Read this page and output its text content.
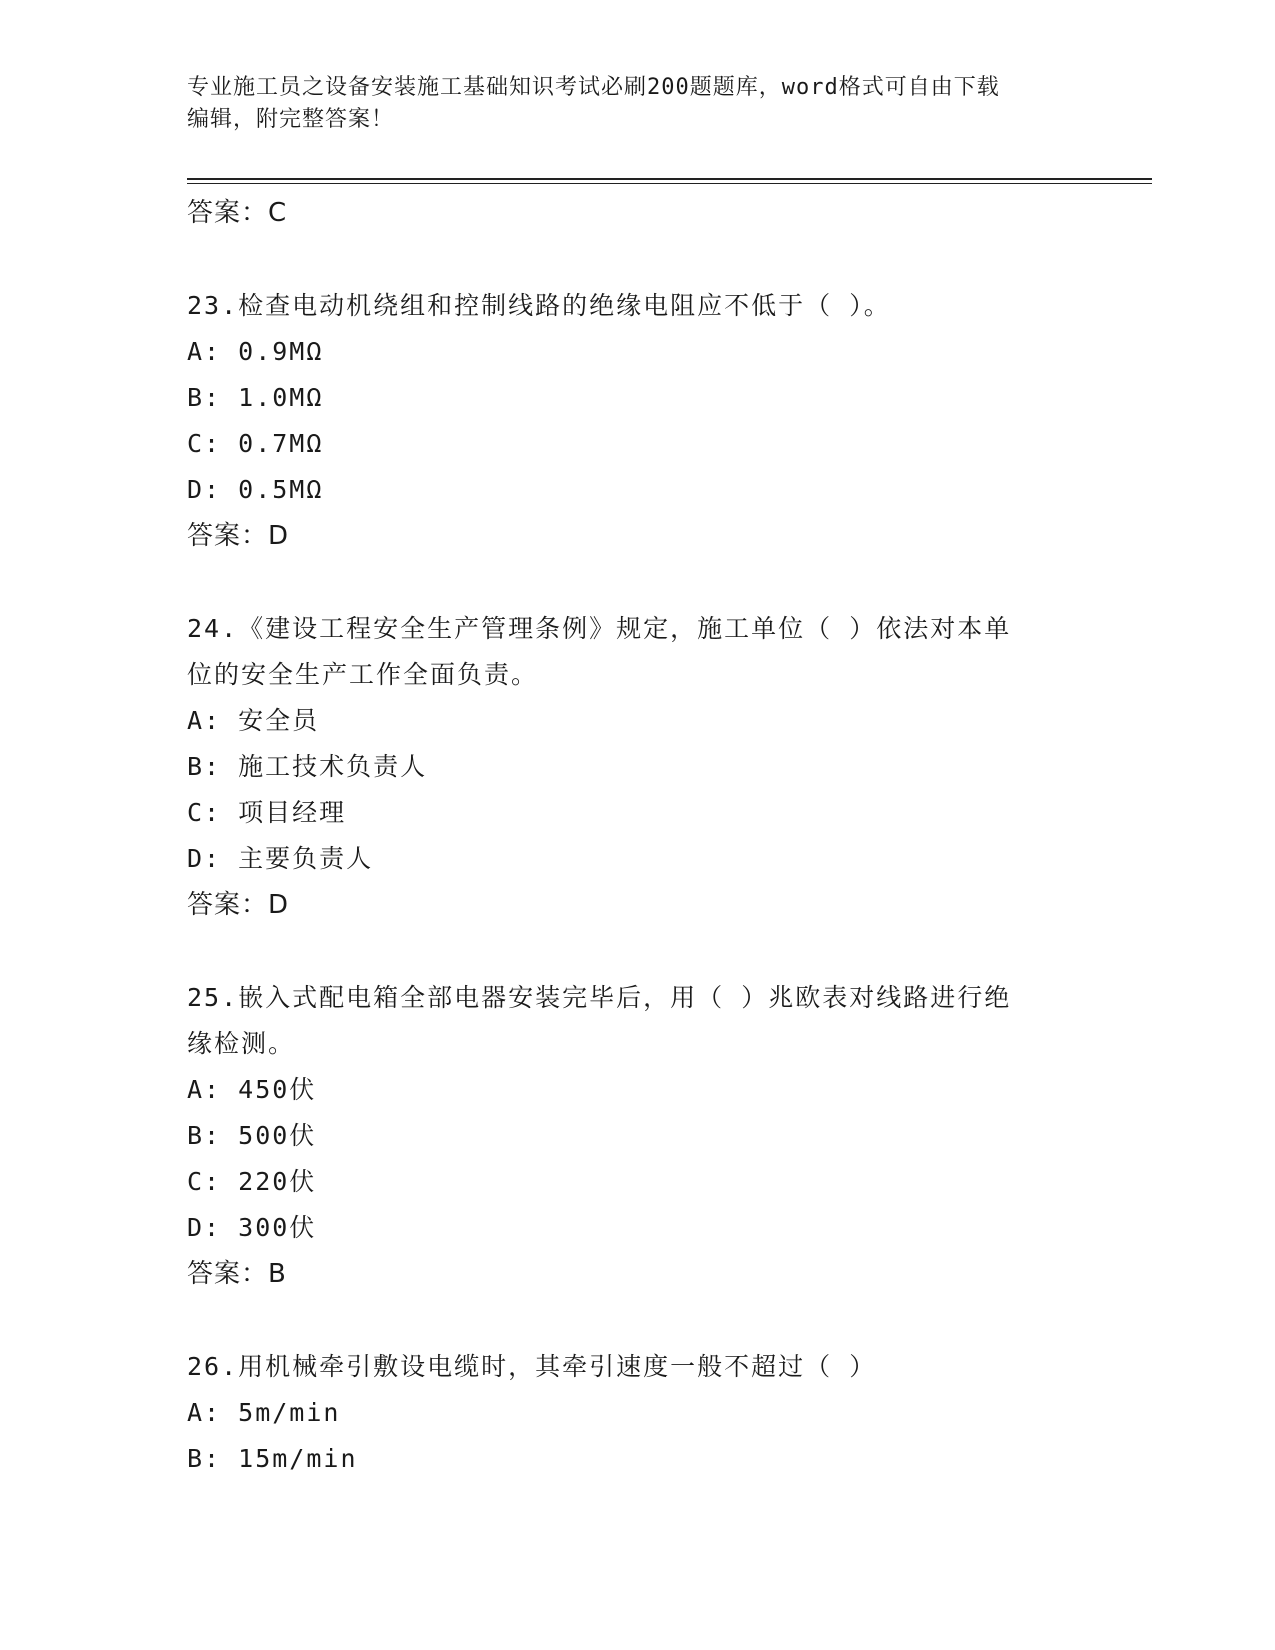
专业施工员之设备安装施工基础知识考试必刷200题题库，word格式可自由下载
编辑，附完整答案！
答案：C
23.检查电动机绕组和控制线路的绝缘电阻应不低于（ ）。
A: 0.9MΩ
B: 1.0MΩ
C: 0.7MΩ
D: 0.5MΩ
答案：D
24.《建设工程安全生产管理条例》规定，施工单位（ ）依法对本单
位的安全生产工作全面负责。
A: 安全员
B: 施工技术负责人
C: 项目经理
D: 主要负责人
答案：D
25.嵌入式配电箱全部电器安装完毕后，用（ ）兆欧表对线路进行绝
缘检测。
A: 450伏
B: 500伏
C: 220伏
D: 300伏
答案：B
26.用机械牵引敷设电缆时，其牵引速度一般不超过（ ）
A: 5m/min
B: 15m/min
